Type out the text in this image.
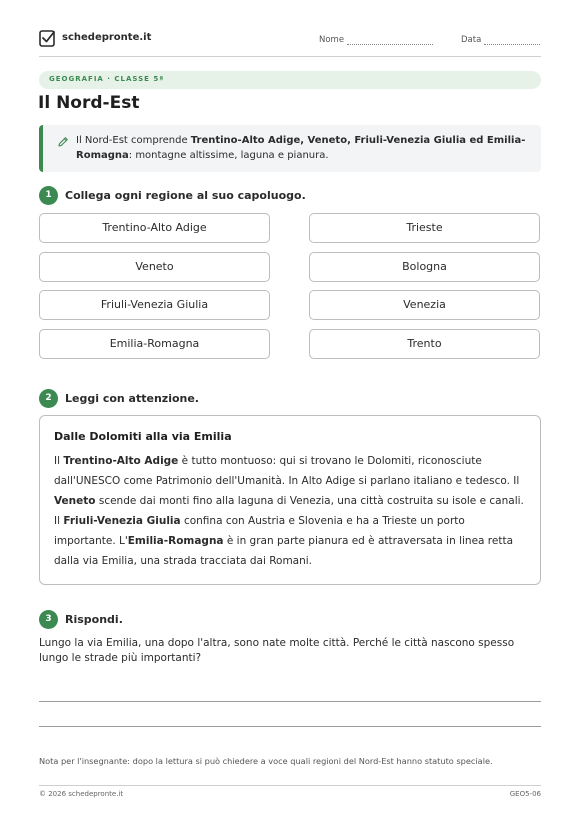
schedepronte.it	Nome	Data
GEOGRAFIA · CLASSE 5ª
Il Nord-Est
Il Nord-Est comprende Trentino-Alto Adige, Veneto, Friuli-Venezia Giulia ed Emilia-Romagna: montagne altissime, laguna e pianura.
1	Collega ogni regione al suo capoluogo.
Trentino-Alto Adige
Veneto
Friuli-Venezia Giulia
Emilia-Romagna
Trieste
Bologna
Venezia
Trento
2	Leggi con attenzione.
Dalle Dolomiti alla via Emilia
Il Trentino-Alto Adige è tutto montuoso: qui si trovano le Dolomiti, riconosciute dall'UNESCO come Patrimonio dell'Umanità. In Alto Adige si parlano italiano e tedesco. Il Veneto scende dai monti fino alla laguna di Venezia, una città costruita su isole e canali. Il Friuli-Venezia Giulia confina con Austria e Slovenia e ha a Trieste un porto importante. L'Emilia-Romagna è in gran parte pianura ed è attraversata in linea retta dalla via Emilia, una strada tracciata dai Romani.
3	Rispondi.
Lungo la via Emilia, una dopo l'altra, sono nate molte città. Perché le città nascono spesso lungo le strade più importanti?
Nota per l'insegnante: dopo la lettura si può chiedere a voce quali regioni del Nord-Est hanno statuto speciale.
© 2026 schedepronte.it	GEO5-06
